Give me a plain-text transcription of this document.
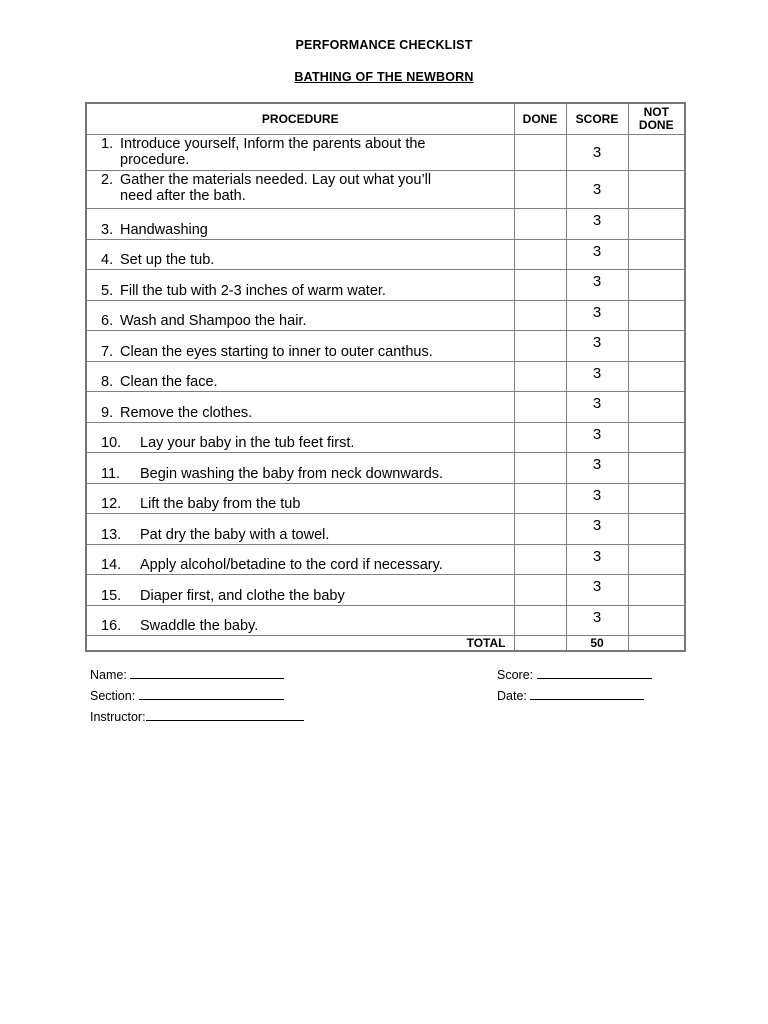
PERFORMANCE CHECKLIST
BATHING OF THE NEWBORN
PROCEDURE	DONE	SCORE	NOT
DONE

1. Introduce yourself, Inform the parents about the
procedure.		3	

2. Gather the materials needed. Lay out what you’ll
need after the bath.		3	

3. Handwashing		3	

4. Set up the tub.		3	

5. Fill the tub with 2-3 inches of warm water.		3	

6. Wash and Shampoo the hair.		3	

7. Clean the eyes starting to inner to outer canthus.		3	

8. Clean the face.		3	

9. Remove the clothes.		3	

10. Lay your baby in the tub feet first.		3	

11. Begin washing the baby from neck downwards.		3	

12. Lift the baby from the tub		3	

13. Pat dry the baby with a towel.		3	

14. Apply alcohol/betadine to the cord if necessary.		3	

15. Diaper first, and clothe the baby		3	

16. Swaddle the baby.		3	
TOTAL		50	
Name:
Section:
Instructor:
Score:
Date:
